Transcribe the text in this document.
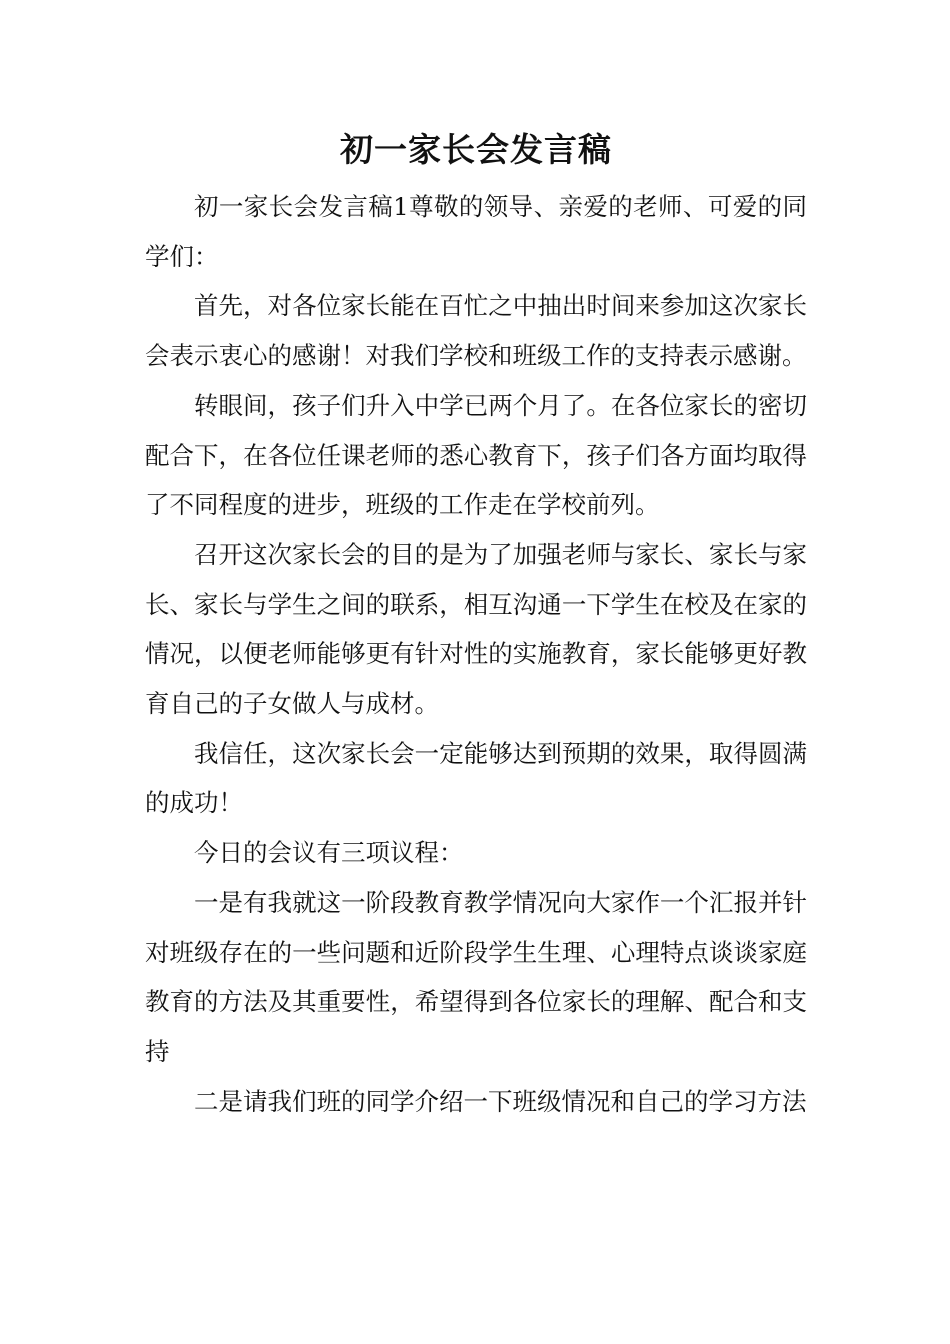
初一家长会发言稿

初一家长会发言稿1尊敬的领导、亲爱的老师、可爱的同学们：

首先，对各位家长能在百忙之中抽出时间来参加这次家长会表示衷心的感谢！对我们学校和班级工作的支持表示感谢。

转眼间，孩子们升入中学已两个月了。在各位家长的密切配合下，在各位任课老师的悉心教育下，孩子们各方面均取得了不同程度的进步，班级的工作走在学校前列。

召开这次家长会的目的是为了加强老师与家长、家长与家长、家长与学生之间的联系，相互沟通一下学生在校及在家的情况，以便老师能够更有针对性的实施教育，家长能够更好教育自己的子女做人与成材。

我信任，这次家长会一定能够达到预期的效果，取得圆满的成功！

今日的会议有三项议程：

一是有我就这一阶段教育教学情况向大家作一个汇报并针对班级存在的一些问题和近阶段学生生理、心理特点谈谈家庭教育的方法及其重要性，希望得到各位家长的理解、配合和支持

二是请我们班的同学介绍一下班级情况和自己的学习方法
